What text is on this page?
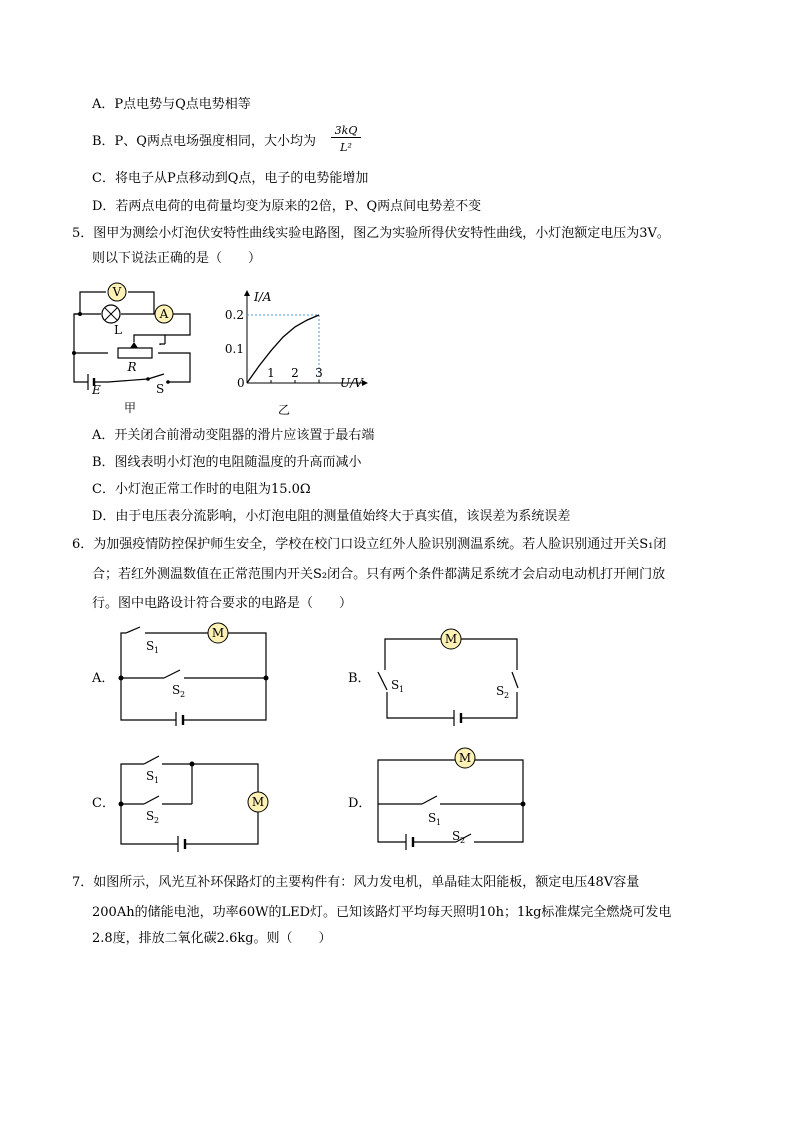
A．P点电势与Q点电势相等
B．P、Q两点电场强度相同，大小均为
3kQ
L²
C．将电子从P点移动到Q点，电子的电势能增加
D．若两点电荷的电荷量均变为原来的2倍，P、Q两点间电势差不变
5．图甲为测绘小灯泡伏安特性曲线实验电路图，图乙为实验所得伏安特性曲线，小灯泡额定电压为3V。
则以下说法正确的是（　　）
V
L
A
R
E	S
甲
1 2 3
0.1
0.2
I/A
U/V
0
乙
A．开关闭合前滑动变阻器的滑片应该置于最右端
B．图线表明小灯泡的电阻随温度的升高而减小
C．小灯泡正常工作时的电阻为15.0Ω
D．由于电压表分流影响，小灯泡电阻的测量值始终大于真实值，该误差为系统误差
6．为加强疫情防控保护师生安全，学校在校门口设立红外人脸识别测温系统。若人脸识别通过开关S₁闭
合；若红外测温数值在正常范围内开关S₂闭合。只有两个条件都满足系统才会启动电动机打开闸门放
行。图中电路设计符合要求的电路是（　　）
A．
M
S 1
S 2
B．
M
S 1	S 2
C．	M
S 1
S 2
D．
M
S 1
S 2
7．如图所示，风光互补环保路灯的主要构件有：风力发电机，单晶硅太阳能板，额定电压48V容量
200Ah的储能电池，功率60W的LED灯。已知该路灯平均每天照明10h；1kg标准煤完全燃烧可发电
2.8度，排放二氧化碳2.6kg。则（　　）
